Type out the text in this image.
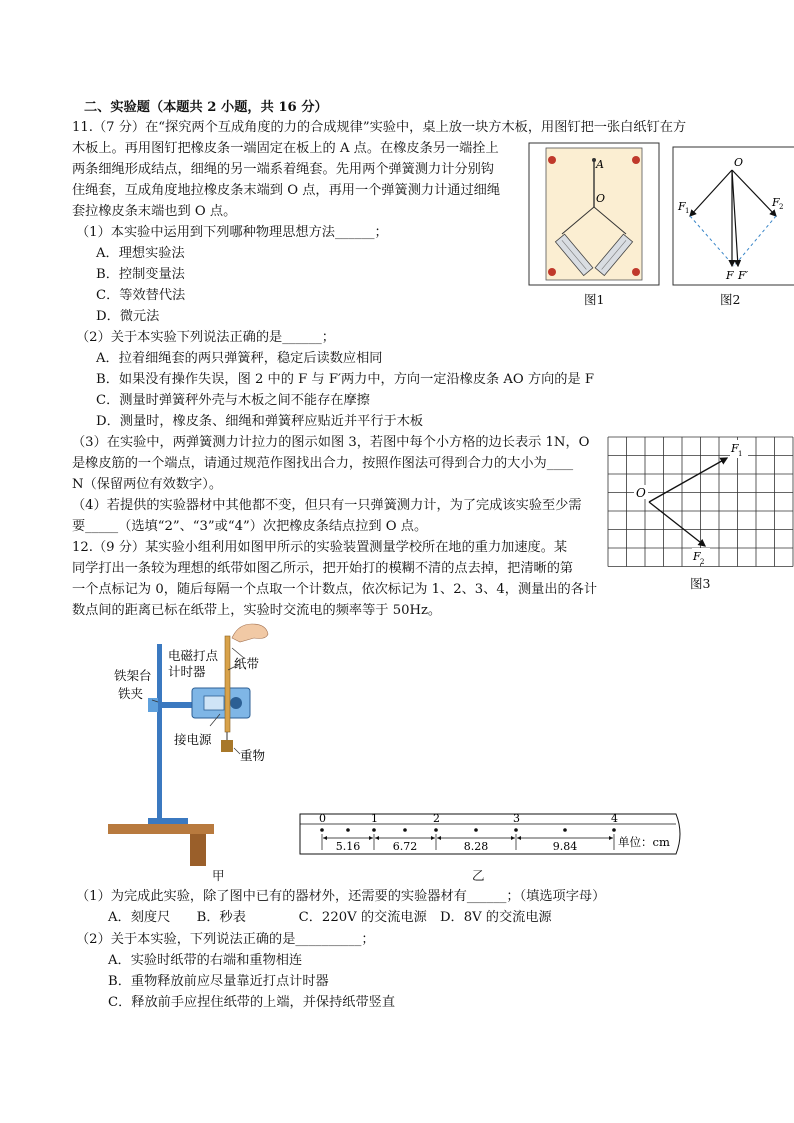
二、实验题（本题共 2 小题，共 16 分）
11.（7 分）在“探究两个互成角度的力的合成规律”实验中，桌上放一块方木板，用图钉把一张白纸钉在方
木板上。再用图钉把橡皮条一端固定在板上的 A 点。在橡皮条另一端拴上
两条细绳形成结点，细绳的另一端系着绳套。先用两个弹簧测力计分别钩
住绳套，互成角度地拉橡皮条末端到 O 点，再用一个弹簧测力计通过细绳
套拉橡皮条末端也到 O 点。
（1）本实验中运用到下列哪种物理思想方法______；
A．理想实验法
B．控制变量法
C．等效替代法
D．微元法
（2）关于本实验下列说法正确的是______；
A．拉着细绳套的两只弹簧秤，稳定后读数应相同
B．如果没有操作失误，图 2 中的 F 与 F′两力中，方向一定沿橡皮条 AO 方向的是 F
C．测量时弹簧秤外壳与木板之间不能存在摩擦
D．测量时，橡皮条、细绳和弹簧秤应贴近并平行于木板
（3）在实验中，两弹簧测力计拉力的图示如图 3，若图中每个小方格的边长表示 1N，O
是橡皮筋的一个端点，请通过规范作图找出合力，按照作图法可得到合力的大小为____
N（保留两位有效数字）。
（4）若提供的实验器材中其他都不变，但只有一只弹簧测力计，为了完成该实验至少需
要_____（选填“2”、“3”或“4”）次把橡皮条结点拉到 O 点。
12.（9 分）某实验小组利用如图甲所示的实验装置测量学校所在地的重力加速度。某
同学打出一条较为理想的纸带如图乙所示，把开始打的模糊不清的点去掉，把清晰的第
一个点标记为 0，随后每隔一个点取一个计数点，依次标记为 1、2、3、4，测量出的各计
数点间的距离已标在纸带上，实验时交流电的频率等于 50Hz。
（1）为完成此实验，除了图中已有的器材外，还需要的实验器材有______；（填选项字母）
A．刻度尺　　B．秒表　　　　C．220V 的交流电源　D．8V 的交流电源
（2）关于本实验，下列说法正确的是__________；
A．实验时纸带的右端和重物相连
B．重物释放前应尽量靠近打点计时器
C．释放前手应捏住纸带的上端，并保持纸带竖直
A
O
图1
O
F 1
F 2
F F′
图2
O
F 1
F 2
图3
铁架台
铁夹
电磁打点
计时器
纸带
接电源
重物
甲
0	1	2	3	4
5.16	6.72	8.28	9.84	单位：cm
乙
